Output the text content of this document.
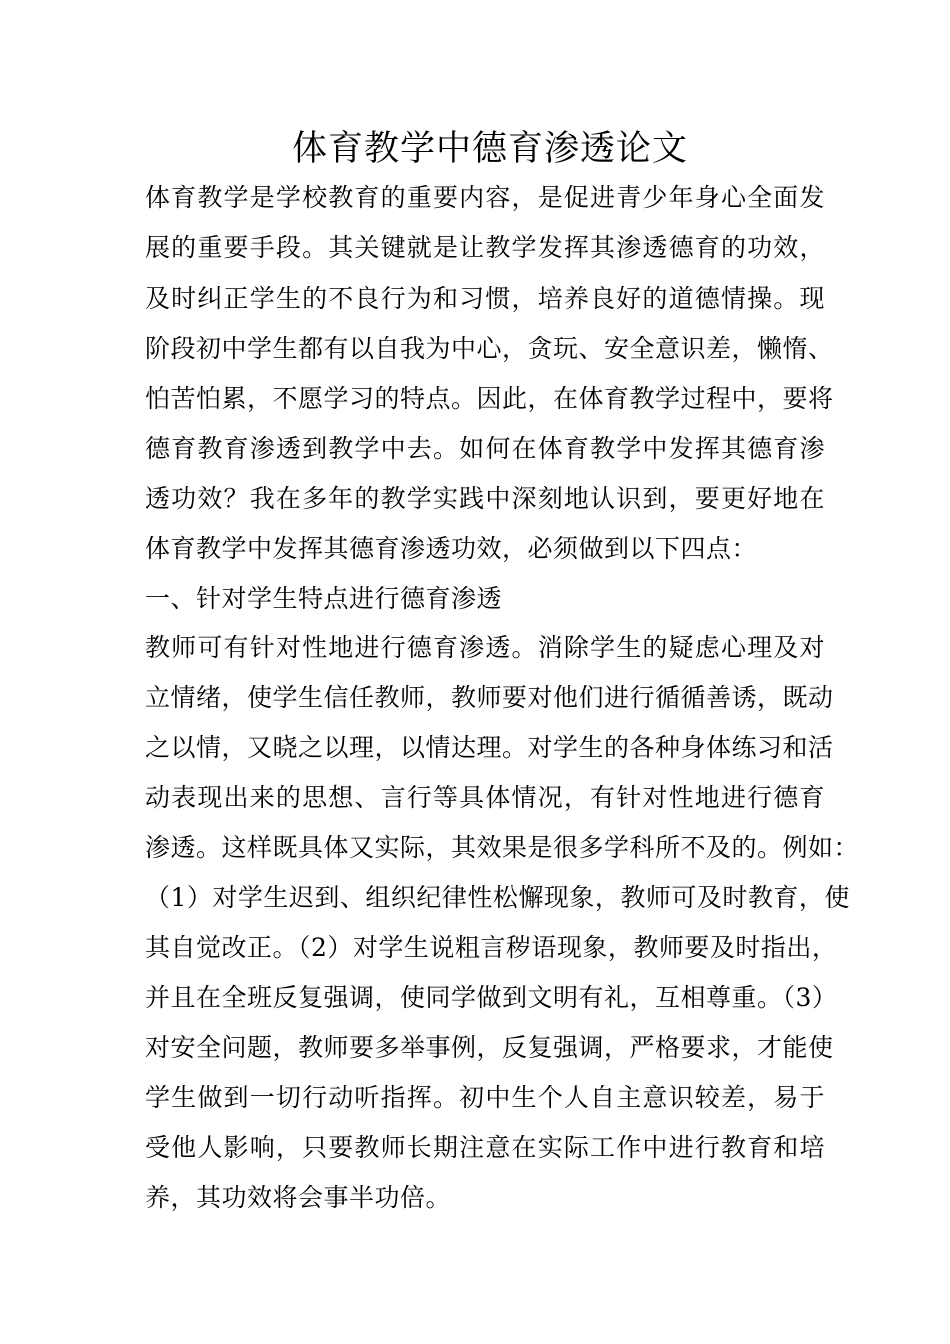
体育教学中德育渗透论文
体育教学是学校教育的重要内容，是促进青少年身心全面发
展的重要手段。其关键就是让教学发挥其渗透德育的功效，
及时纠正学生的不良行为和习惯，培养良好的道德情操。现
阶段初中学生都有以自我为中心，贪玩、安全意识差，懒惰、
怕苦怕累，不愿学习的特点。因此，在体育教学过程中，要将
德育教育渗透到教学中去。如何在体育教学中发挥其德育渗
透功效？我在多年的教学实践中深刻地认识到，要更好地在
体育教学中发挥其德育渗透功效，必须做到以下四点：
一、针对学生特点进行德育渗透
教师可有针对性地进行德育渗透。消除学生的疑虑心理及对
立情绪，使学生信任教师，教师要对他们进行循循善诱，既动
之以情，又晓之以理，以情达理。对学生的各种身体练习和活
动表现出来的思想、言行等具体情况，有针对性地进行德育
渗透。这样既具体又实际，其效果是很多学科所不及的。例如：
（1）对学生迟到、组织纪律性松懈现象，教师可及时教育，使
其自觉改正。（2）对学生说粗言秽语现象，教师要及时指出，
并且在全班反复强调，使同学做到文明有礼，互相尊重。（3）
对安全问题，教师要多举事例，反复强调，严格要求，才能使
学生做到一切行动听指挥。初中生个人自主意识较差，易于
受他人影响，只要教师长期注意在实际工作中进行教育和培
养，其功效将会事半功倍。
